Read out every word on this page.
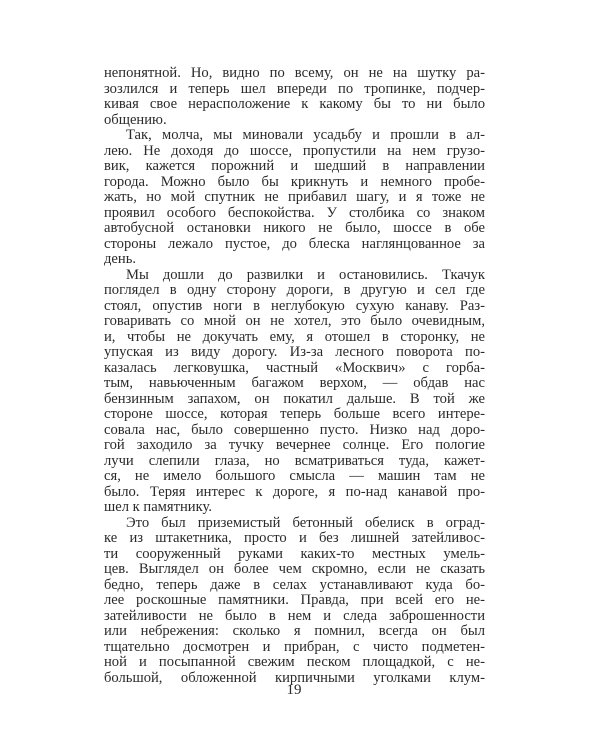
непонятной. Но, видно по всему, он не на шутку ра-
зозлился и теперь шел впереди по тропинке, подчер-
кивая свое нерасположение к какому бы то ни было
общению.
Так, молча, мы миновали усадьбу и прошли в ал-
лею. Не доходя до шоссе, пропустили на нем грузо-
вик, кажется порожний и шедший в направлении
города. Можно было бы крикнуть и немного пробе-
жать, но мой спутник не прибавил шагу, и я тоже не
проявил особого беспокойства. У столбика со знаком
автобусной остановки никого не было, шоссе в обе
стороны лежало пустое, до блеска наглянцованное за
день.
Мы дошли до развилки и остановились. Ткачук
поглядел в одну сторону дороги, в другую и сел где
стоял, опустив ноги в неглубокую сухую канаву. Раз-
говаривать со мной он не хотел, это было очевидным,
и, чтобы не докучать ему, я отошел в сторонку, не
упуская из виду дорогу. Из-за лесного поворота по-
казалась легковушка, частный «Москвич» с горба-
тым, навьюченным багажом верхом, — обдав нас
бензинным запахом, он покатил дальше. В той же
стороне шоссе, которая теперь больше всего интере-
совала нас, было совершенно пусто. Низко над доро-
гой заходило за тучку вечернее солнце. Его пологие
лучи слепили глаза, но всматриваться туда, кажет-
ся, не имело большого смысла — машин там не
было. Теряя интерес к дороге, я по-над канавой про-
шел к памятнику.
Это был приземистый бетонный обелиск в оград-
ке из штакетника, просто и без лишней затейливос-
ти сооруженный руками каких-то местных умель-
цев. Выглядел он более чем скромно, если не сказать
бедно, теперь даже в селах устанавливают куда бо-
лее роскошные памятники. Правда, при всей его не-
затейливости не было в нем и следа заброшенности
или небрежения: сколько я помнил, всегда он был
тщательно досмотрен и прибран, с чисто подметен-
ной и посыпанной свежим песком площадкой, с не-
большой, обложенной кирпичными уголками клум-
19
